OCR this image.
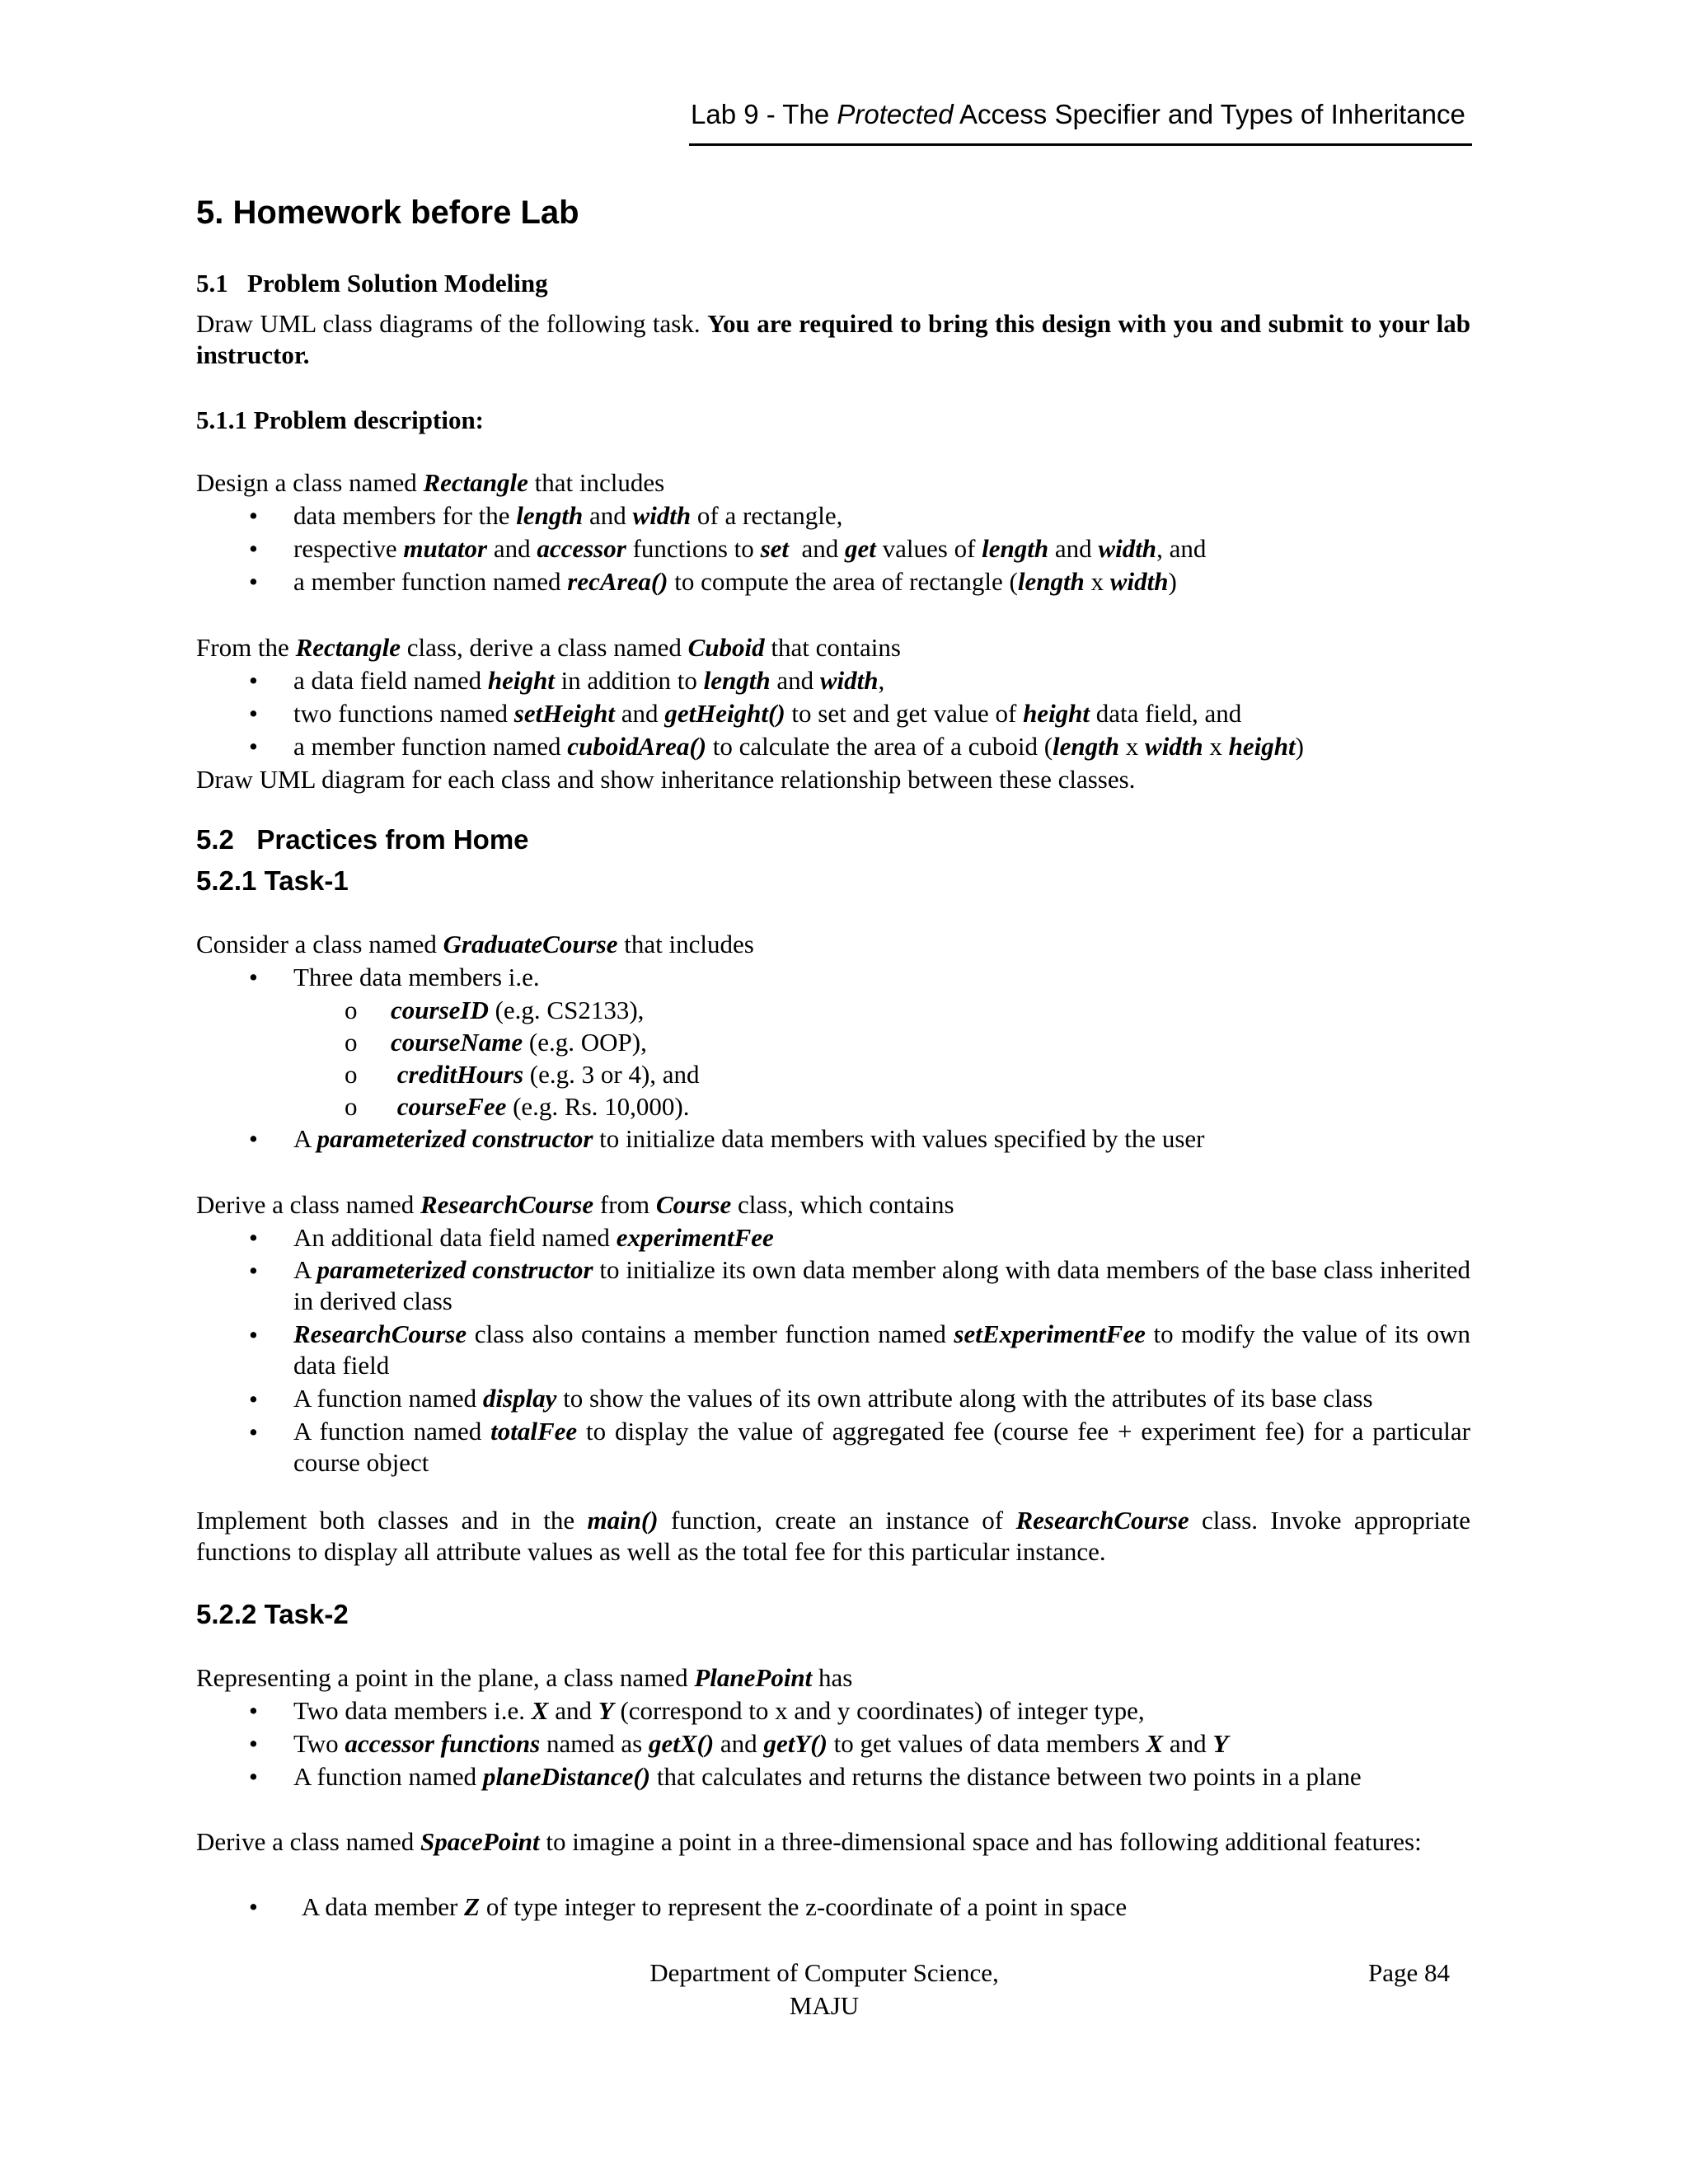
Lab 9 - The Protected Access Specifier and Types of Inheritance
5. Homework before Lab
5.1   Problem Solution Modeling
Draw UML class diagrams of the following task. You are required to bring this design with you and submit to your lab instructor.
5.1.1 Problem description:
Design a class named Rectangle that includes
• data members for the length and width of a rectangle,
• respective mutator and accessor functions to set  and get values of length and width, and
• a member function named recArea() to compute the area of rectangle (length x width)
From the Rectangle class, derive a class named Cuboid that contains
• a data field named height in addition to length and width,
• two functions named setHeight and getHeight() to set and get value of height data field, and
• a member function named cuboidArea() to calculate the area of a cuboid (length x width x height)
Draw UML diagram for each class and show inheritance relationship between these classes.
5.2   Practices from Home
5.2.1 Task-1
Consider a class named GraduateCourse that includes
• Three data members i.e.
o courseID (e.g. CS2133),
o courseName (e.g. OOP),
o creditHours (e.g. 3 or 4), and
o courseFee (e.g. Rs. 10,000).
• A parameterized constructor to initialize data members with values specified by the user
Derive a class named ResearchCourse from Course class, which contains
• An additional data field named experimentFee
• A parameterized constructor to initialize its own data member along with data members of the base class inherited in derived class
• ResearchCourse class also contains a member function named setExperimentFee to modify the value of its own data field
• A function named display to show the values of its own attribute along with the attributes of its base class
• A function named totalFee to display the value of aggregated fee (course fee + experiment fee) for a particular course object
Implement both classes and in the main() function, create an instance of ResearchCourse class. Invoke appropriate functions to display all attribute values as well as the total fee for this particular instance.
5.2.2 Task-2
Representing a point in the plane, a class named PlanePoint has
• Two data members i.e. X and Y (correspond to x and y coordinates) of integer type,
• Two accessor functions named as getX() and getY() to get values of data members X and Y
• A function named planeDistance() that calculates and returns the distance between two points in a plane
Derive a class named SpacePoint to imagine a point in a three-dimensional space and has following additional features:
• A data member Z of type integer to represent the z-coordinate of a point in space
Department of Computer Science,
MAJU
Page 84
